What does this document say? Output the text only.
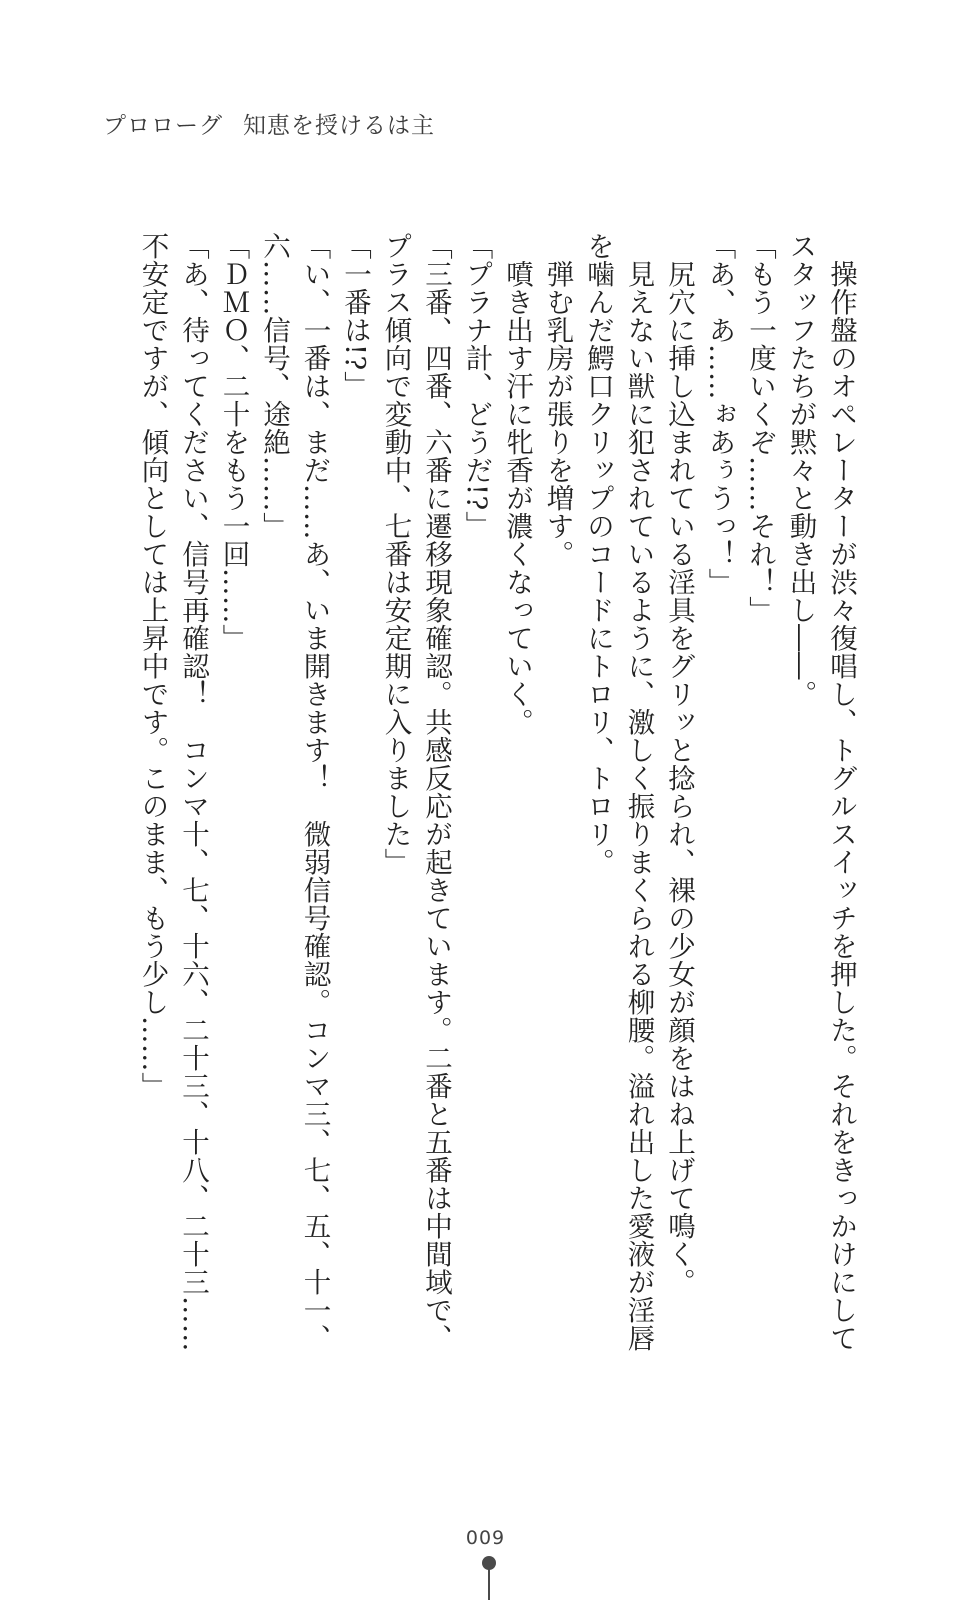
プロローグ 知恵を授けるは主
　操作盤のオペレーターが渋々復唱し、トグルスイッチを押した。それをきっかけにして
スタッフたちが黙々と動き出し――。
「もう一度いくぞ……それ！」
「あ、あ……ぉあぅうっ！」
　尻穴に挿し込まれている淫具をグリッと捻られ、裸の少女が顔をはね上げて鳴く。
　見えない獣に犯されているように、激しく振りまくられる柳腰。溢れ出した愛液が淫唇
を噛んだ鰐口クリップのコードにトロリ、トロリ。
　弾む乳房が張りを増す。
　噴き出す汗に牝香が濃くなっていく。
「プラナ計、どうだ!?」
「三番、四番、六番に遷移現象確認。共感反応が起きています。二番と五番は中間域で、
プラス傾向で変動中、七番は安定期に入りました」
「一番は!?」
「い、一番は、まだ……あ、いま開きます！　微弱信号確認。コンマ三、七、五、十一、
六……信号、途絶……」
「ＤＭＯ、二十をもう一回……」
「あ、待ってください、信号再確認！　コンマ十、七、十六、二十三、十八、二十三……
不安定ですが、傾向としては上昇中です。このまま、もう少し……」
009
